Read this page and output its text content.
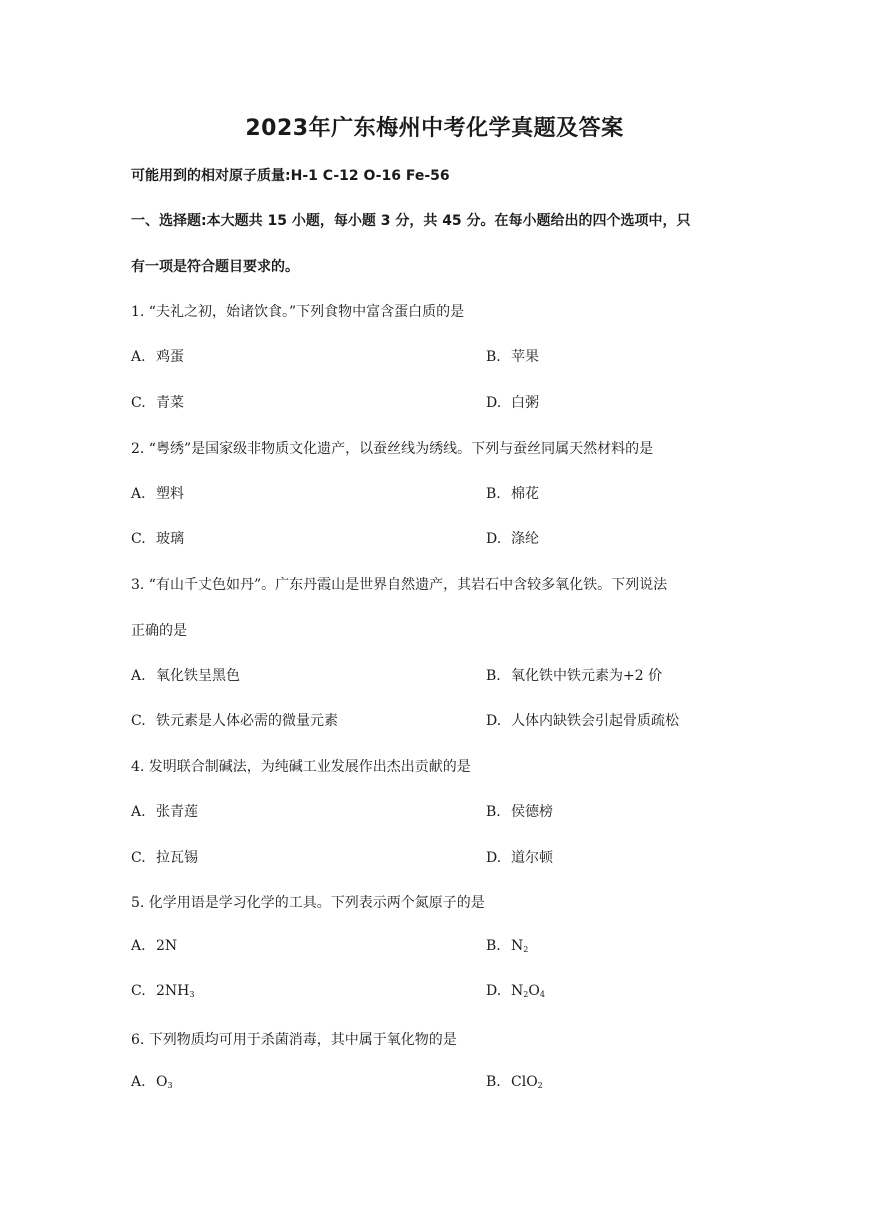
2023年广东梅州中考化学真题及答案
可能用到的相对原子质量:H-1 C-12 O-16 Fe-56
一、选择题:本大题共 15 小题，每小题 3 分，共 45 分。在每小题给出的四个选项中，只
有一项是符合题目要求的。
1. “夫礼之初，始诸饮食。”下列食物中富含蛋白质的是
A. 鸡蛋	B. 苹果
C. 青菜	D. 白粥
2. “粤绣”是国家级非物质文化遗产，以蚕丝线为绣线。下列与蚕丝同属天然材料的是
A. 塑料	B. 棉花
C. 玻璃	D. 涤纶
3. “有山千丈色如丹”。广东丹霞山是世界自然遗产，其岩石中含较多氧化铁。下列说法
正确的是
A. 氧化铁呈黑色	B. 氧化铁中铁元素为+2 价
C. 铁元素是人体必需的微量元素	D. 人体内缺铁会引起骨质疏松
4. 发明联合制碱法，为纯碱工业发展作出杰出贡献的是
A. 张青莲	B. 侯德榜
C. 拉瓦锡	D. 道尔顿
5. 化学用语是学习化学的工具。下列表示两个氮原子的是
A. 2N	B. $N_2$
C. $2NH_3$	D. $N_2O_4$
6. 下列物质均可用于杀菌消毒，其中属于氧化物的是
A. $O_3$	B. ClO$_2$
